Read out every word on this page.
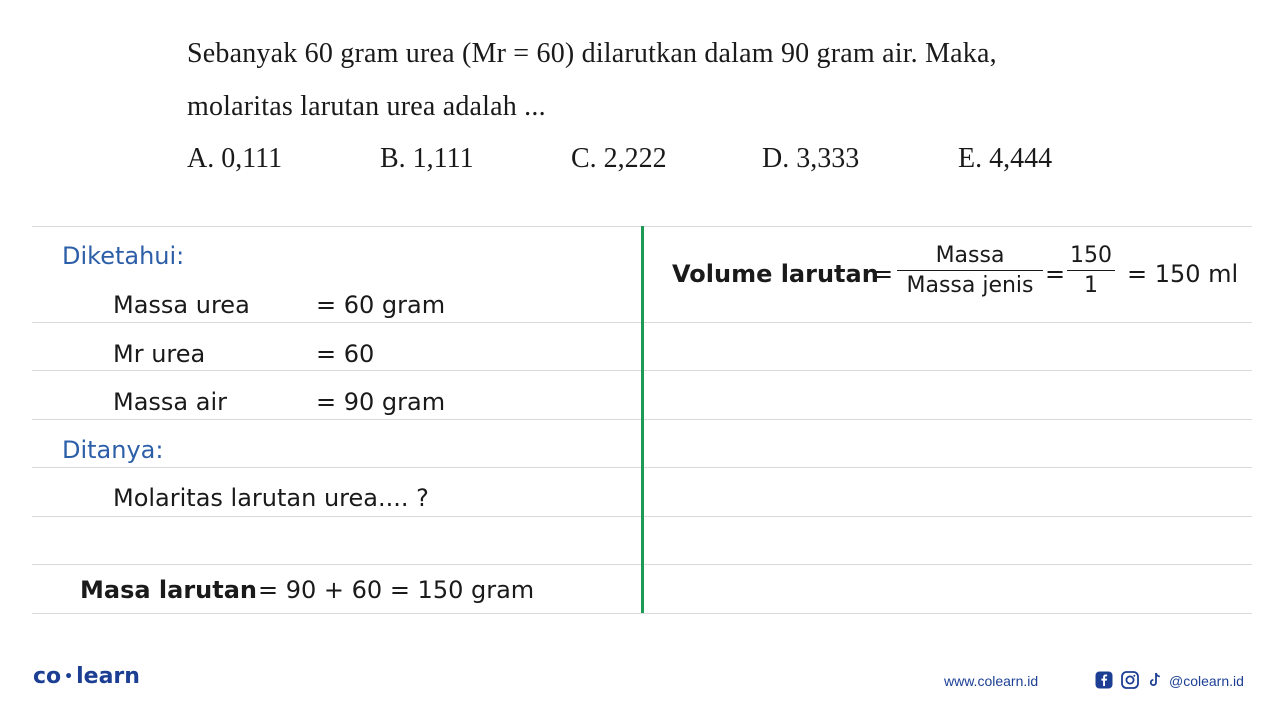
Sebanyak 60 gram urea (Mr = 60) dilarutkan dalam 90 gram air. Maka,
molaritas larutan urea adalah ...
A. 0,111	B. 1,111	C. 2,222	D. 3,333	E. 4,444
Diketahui:
Massa urea	= 60 gram
Mr urea	= 60
Massa air	= 90 gram
Ditanya:
Molaritas larutan urea.... ?
Masa larutan = 90 + 60 = 150 gram
Volume larutan
=
Massa
Massa jenis = $\frac{150}{1} = 150$ ml
co • learn	www.colearn.id	@colearn.id
